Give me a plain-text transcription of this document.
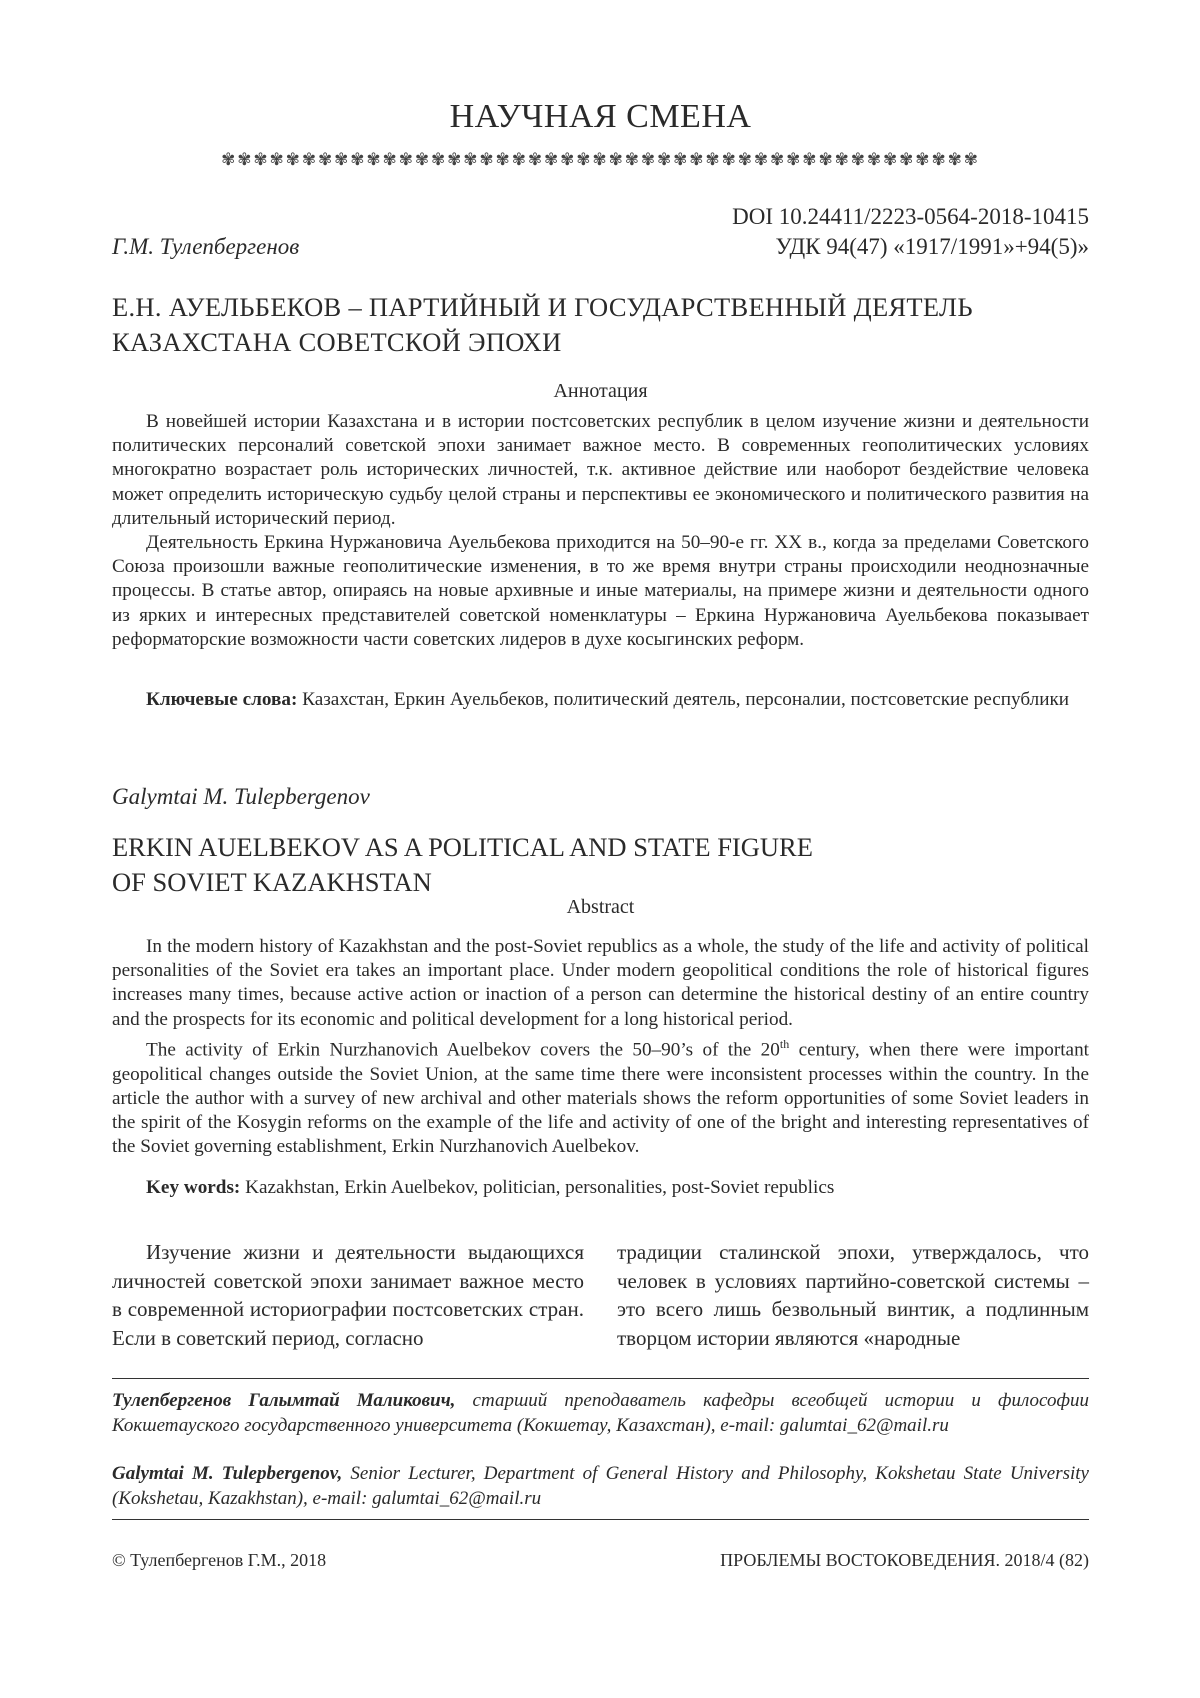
НАУЧНАЯ СМЕНА
✾✾✾✾✾✾✾✾✾✾✾✾✾✾✾✾✾✾✾✾✾✾✾✾✾✾✾✾✾✾✾✾✾✾✾✾✾✾✾✾✾✾✾✾✾✾✾
DOI 10.24411/2223-0564-2018-10415
Г.М. Тулепбергенов	УДК 94(47) «1917/1991»+94(5)»
Е.Н. АУЕЛЬБЕКОВ – ПАРТИЙНЫЙ И ГОСУДАРСТВЕННЫЙ ДЕЯТЕЛЬ
КАЗАХСТАНА СОВЕТСКОЙ ЭПОХИ
Аннотация

В новейшей истории Казахстана и в истории постсоветских республик в целом изучение жизни и деятельности политических персоналий советской эпохи занимает важное место. В современных геополитических условиях многократно возрастает роль исторических личностей, т.к. активное действие или наоборот бездействие человека может определить историческую судьбу целой страны и перспективы ее экономического и политического развития на длительный исторический период.

Деятельность Еркина Нуржановича Ауельбекова приходится на 50–90-е гг. XX в., когда за пределами Советского Союза произошли важные геополитические изменения, в то же время внутри страны происходили неоднозначные процессы. В статье автор, опираясь на новые архивные и иные материалы, на примере жизни и деятельности одного из ярких и интересных представителей советской номенклатуры – Еркина Нуржановича Ауельбекова показывает реформаторские возможности части советских лидеров в духе косыгинских реформ.

Ключевые слова: Казахстан, Еркин Ауельбеков, политический деятель, персоналии, постсоветские республики

Galymtai M. Tulepbergenov
ERKIN AUELBEKOV AS A POLITICAL AND STATE FIGURE
OF SOVIET KAZAKHSTAN
Abstract

In the modern history of Kazakhstan and the post-Soviet republics as a whole, the study of the life and activity of political personalities of the Soviet era takes an important place. Under modern geopolitical conditions the role of historical figures increases many times, because active action or inaction of a person can determine the historical destiny of an entire country and the prospects for its economic and political development for a long historical period.

The activity of Erkin Nurzhanovich Auelbekov covers the 50–90’s of the 20th century, when there were important geopolitical changes outside the Soviet Union, at the same time there were inconsistent processes within the country. In the article the author with a survey of new archival and other materials shows the reform opportunities of some Soviet leaders in the spirit of the Kosygin reforms on the example of the life and activity of one of the bright and interesting representatives of the Soviet governing establishment, Erkin Nurzhanovich Auelbekov.

Key words: Kazakhstan, Erkin Auelbekov, politician, personalities, post-Soviet republics

Изучение жизни и деятельности выдающихся личностей советской эпохи занимает важное место в современной историографии постсоветских стран. Если в советский период, согласно

традиции сталинской эпохи, утверждалось, что человек в условиях партийно-советской системы – это всего лишь безвольный винтик, а подлинным творцом истории являются «народные

Тулепбергенов Галымтай Маликович, старший преподаватель кафедры всеобщей истории и философии Кокшетауского государственного университета (Кокшетау, Казахстан), e-mail: galumtai_62@mail.ru

Galymtai M. Tulepbergenov, Senior Lecturer, Department of General History and Philosophy, Kokshetau State University (Kokshetau, Kazakhstan), e-mail: galumtai_62@mail.ru

© Тулепбергенов Г.М., 2018	ПРОБЛЕМЫ ВОСТОКОВЕДЕНИЯ. 2018/4 (82)
